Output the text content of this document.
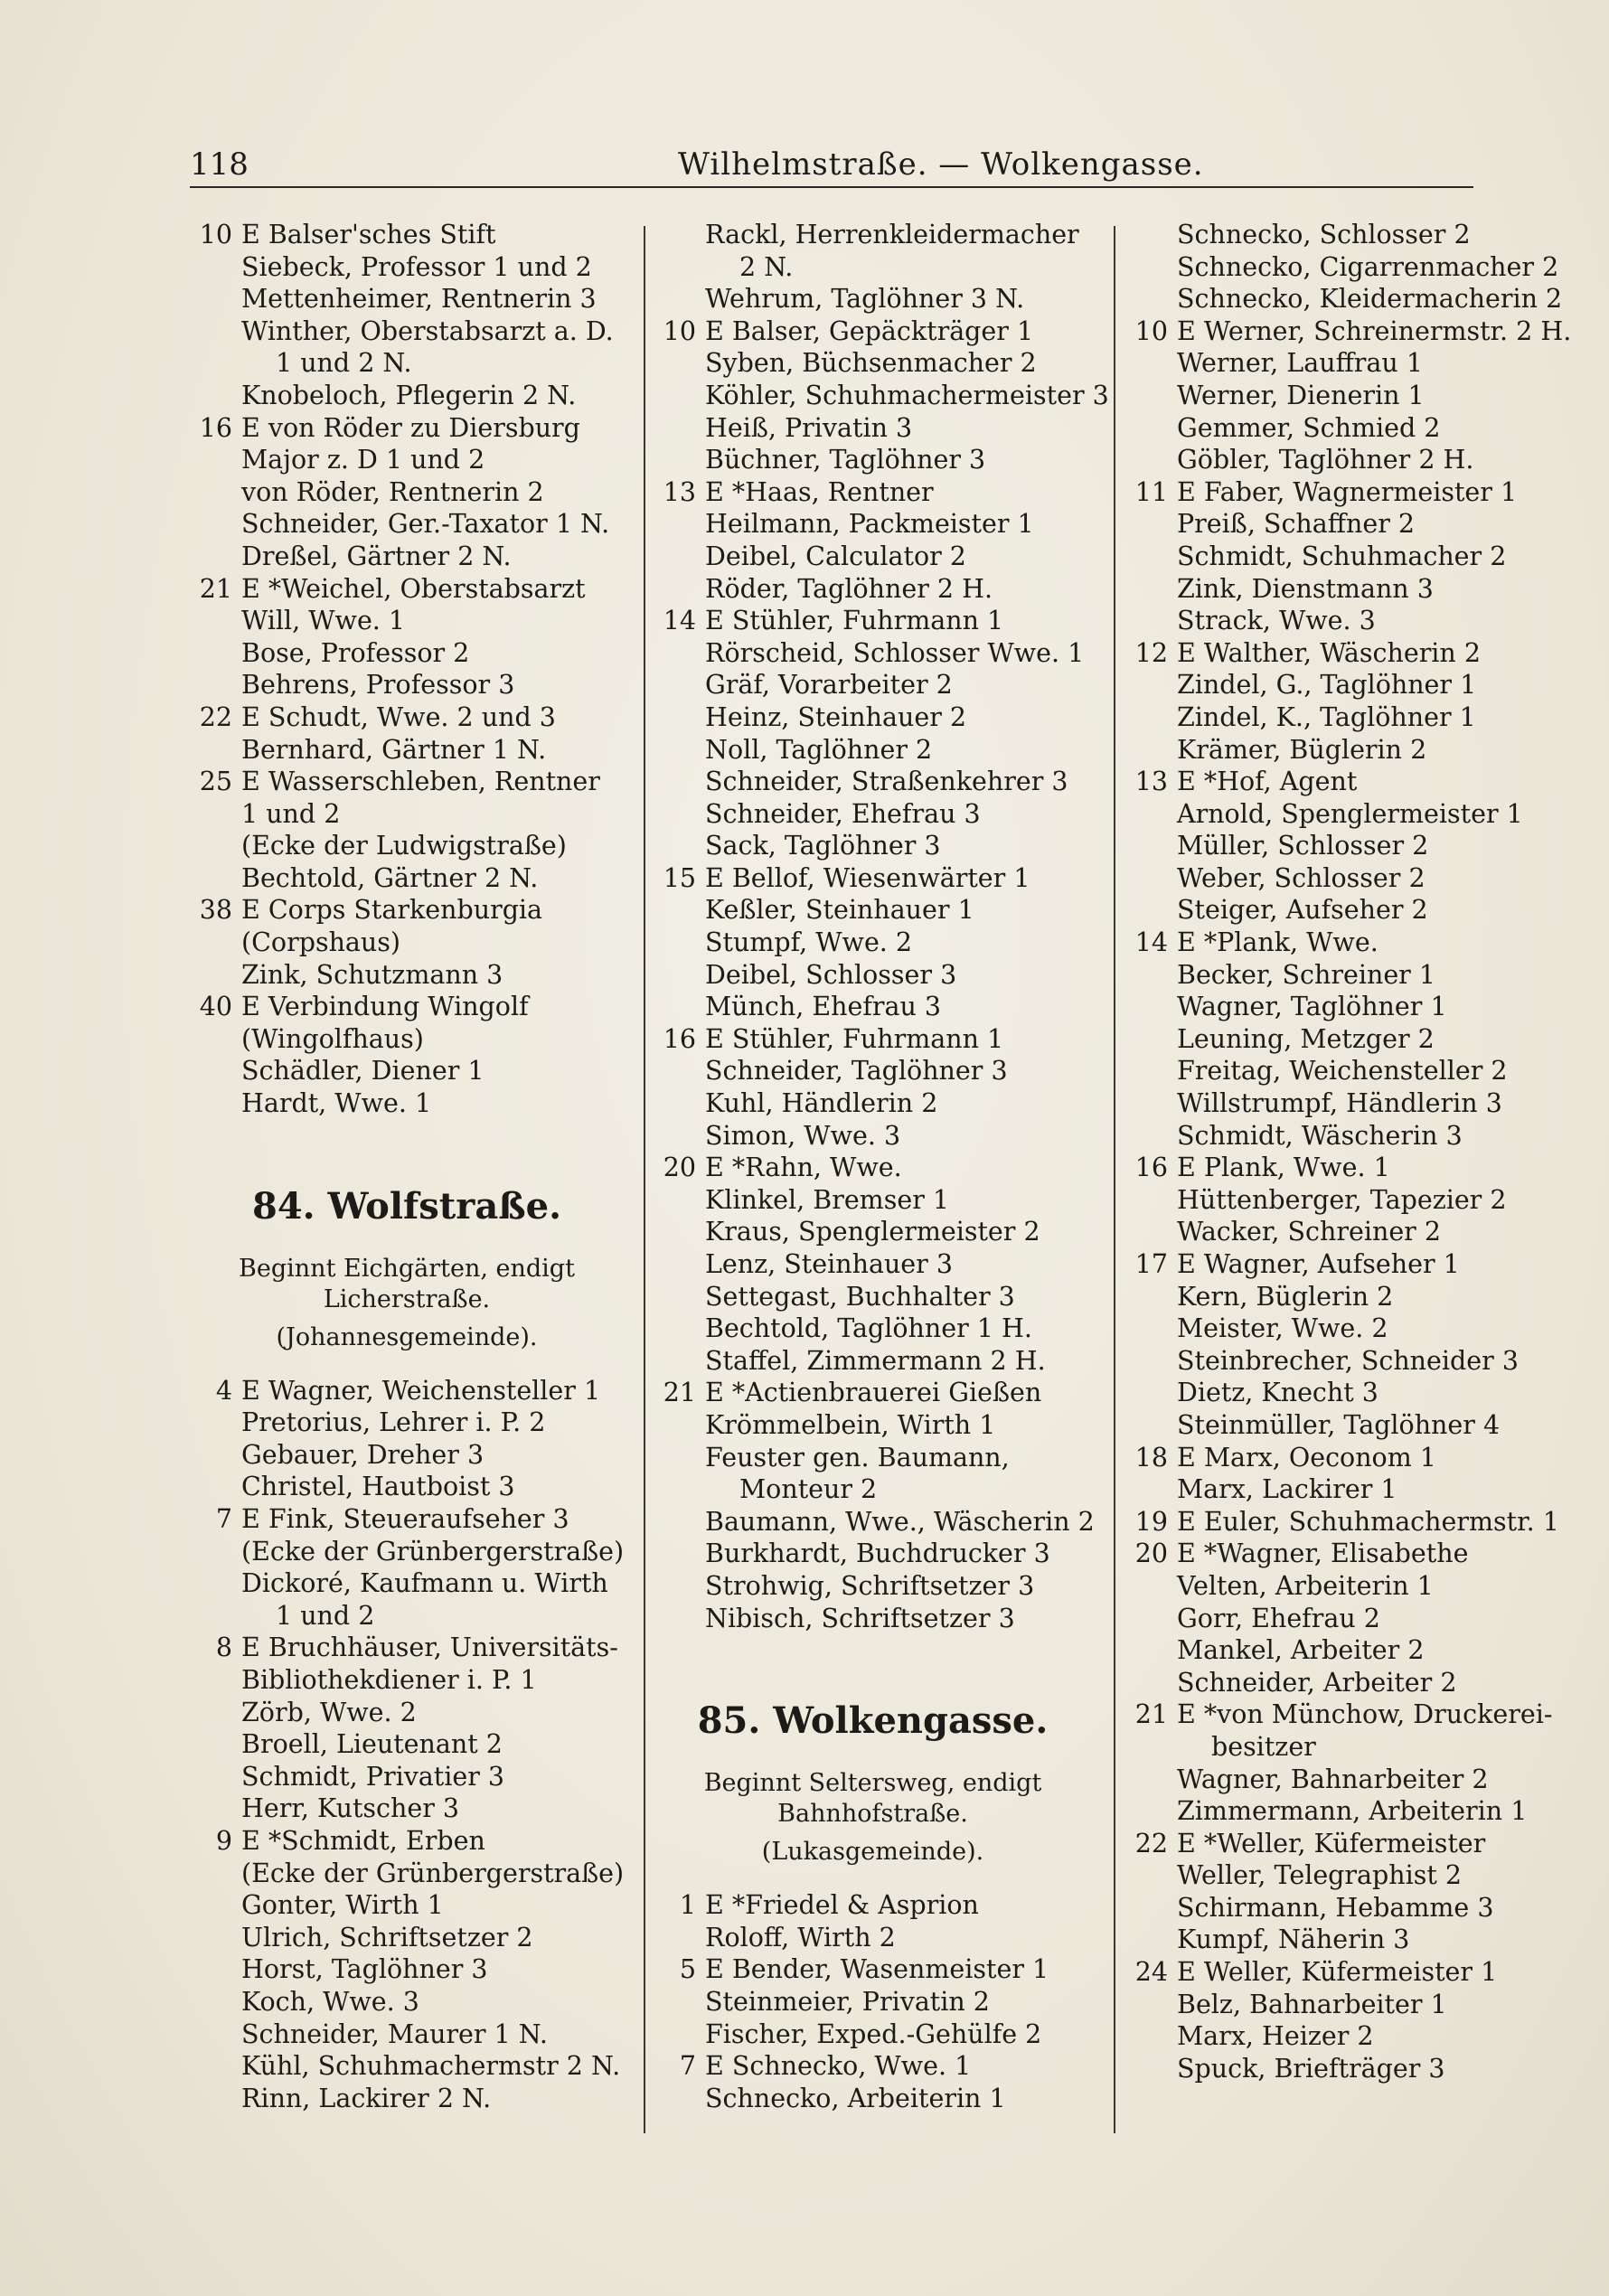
118	Wilhelmstraße. — Wolkengasse.
10 E Balser'sches Stift
Siebeck, Professor 1 und 2
Mettenheimer, Rentnerin 3
Winther, Oberstabsarzt a. D.
1 und 2 N.
Knobeloch, Pflegerin 2 N.
16 E von Röder zu Diersburg
Major z. D 1 und 2
von Röder, Rentnerin 2
Schneider, Ger.-Taxator 1 N.
Dreßel, Gärtner 2 N.
21 E *Weichel, Oberstabsarzt
Will, Wwe. 1
Bose, Professor 2
Behrens, Professor 3
22 E Schudt, Wwe. 2 und 3
Bernhard, Gärtner 1 N.
25 E Wasserschleben, Rentner
1 und 2
(Ecke der Ludwigstraße)
Bechtold, Gärtner 2 N.
38 E Corps Starkenburgia
(Corpshaus)
Zink, Schutzmann 3
40 E Verbindung Wingolf
(Wingolfhaus)
Schädler, Diener 1
Hardt, Wwe. 1
84. Wolfstraße.
Beginnt Eichgärten, endigt
Licherstraße.
(Johannesgemeinde).
4 E Wagner, Weichensteller 1
Pretorius, Lehrer i. P. 2
Gebauer, Dreher 3
Christel, Hautboist 3
7 E Fink, Steueraufseher 3
(Ecke der Grünbergerstraße)
Dickoré, Kaufmann u. Wirth
1 und 2
8 E Bruchhäuser, Universitäts-
Bibliothekdiener i. P. 1
Zörb, Wwe. 2
Broell, Lieutenant 2
Schmidt, Privatier 3
Herr, Kutscher 3
9 E *Schmidt, Erben
(Ecke der Grünbergerstraße)
Gonter, Wirth 1
Ulrich, Schriftsetzer 2
Horst, Taglöhner 3
Koch, Wwe. 3
Schneider, Maurer 1 N.
Kühl, Schuhmachermstr 2 N.
Rinn, Lackirer 2 N.
Rackl, Herrenkleidermacher
2 N.
Wehrum, Taglöhner 3 N.
10 E Balser, Gepäckträger 1
Syben, Büchsenmacher 2
Köhler, Schuhmachermeister 3
Heiß, Privatin 3
Büchner, Taglöhner 3
13 E *Haas, Rentner
Heilmann, Packmeister 1
Deibel, Calculator 2
Röder, Taglöhner 2 H.
14 E Stühler, Fuhrmann 1
Rörscheid, Schlosser Wwe. 1
Gräf, Vorarbeiter 2
Heinz, Steinhauer 2
Noll, Taglöhner 2
Schneider, Straßenkehrer 3
Schneider, Ehefrau 3
Sack, Taglöhner 3
15 E Bellof, Wiesenwärter 1
Keßler, Steinhauer 1
Stumpf, Wwe. 2
Deibel, Schlosser 3
Münch, Ehefrau 3
16 E Stühler, Fuhrmann 1
Schneider, Taglöhner 3
Kuhl, Händlerin 2
Simon, Wwe. 3
20 E *Rahn, Wwe.
Klinkel, Bremser 1
Kraus, Spenglermeister 2
Lenz, Steinhauer 3
Settegast, Buchhalter 3
Bechtold, Taglöhner 1 H.
Staffel, Zimmermann 2 H.
21 E *Actienbrauerei Gießen
Krömmelbein, Wirth 1
Feuster gen. Baumann,
Monteur 2
Baumann, Wwe., Wäscherin 2
Burkhardt, Buchdrucker 3
Strohwig, Schriftsetzer 3
Nibisch, Schriftsetzer 3
85. Wolkengasse.
Beginnt Seltersweg, endigt
Bahnhofstraße.
(Lukasgemeinde).
1 E *Friedel & Asprion
Roloff, Wirth 2
5 E Bender, Wasenmeister 1
Steinmeier, Privatin 2
Fischer, Exped.-Gehülfe 2
7 E Schnecko, Wwe. 1
Schnecko, Arbeiterin 1
Schnecko, Schlosser 2
Schnecko, Cigarrenmacher 2
Schnecko, Kleidermacherin 2
10 E Werner, Schreinermstr. 2 H.
Werner, Lauffrau 1
Werner, Dienerin 1
Gemmer, Schmied 2
Göbler, Taglöhner 2 H.
11 E Faber, Wagnermeister 1
Preiß, Schaffner 2
Schmidt, Schuhmacher 2
Zink, Dienstmann 3
Strack, Wwe. 3
12 E Walther, Wäscherin 2
Zindel, G., Taglöhner 1
Zindel, K., Taglöhner 1
Krämer, Büglerin 2
13 E *Hof, Agent
Arnold, Spenglermeister 1
Müller, Schlosser 2
Weber, Schlosser 2
Steiger, Aufseher 2
14 E *Plank, Wwe.
Becker, Schreiner 1
Wagner, Taglöhner 1
Leuning, Metzger 2
Freitag, Weichensteller 2
Willstrumpf, Händlerin 3
Schmidt, Wäscherin 3
16 E Plank, Wwe. 1
Hüttenberger, Tapezier 2
Wacker, Schreiner 2
17 E Wagner, Aufseher 1
Kern, Büglerin 2
Meister, Wwe. 2
Steinbrecher, Schneider 3
Dietz, Knecht 3
Steinmüller, Taglöhner 4
18 E Marx, Oeconom 1
Marx, Lackirer 1
19 E Euler, Schuhmachermstr. 1
20 E *Wagner, Elisabethe
Velten, Arbeiterin 1
Gorr, Ehefrau 2
Mankel, Arbeiter 2
Schneider, Arbeiter 2
21 E *von Münchow, Druckerei-
besitzer
Wagner, Bahnarbeiter 2
Zimmermann, Arbeiterin 1
22 E *Weller, Küfermeister
Weller, Telegraphist 2
Schirmann, Hebamme 3
Kumpf, Näherin 3
24 E Weller, Küfermeister 1
Belz, Bahnarbeiter 1
Marx, Heizer 2
Spuck, Briefträger 3
